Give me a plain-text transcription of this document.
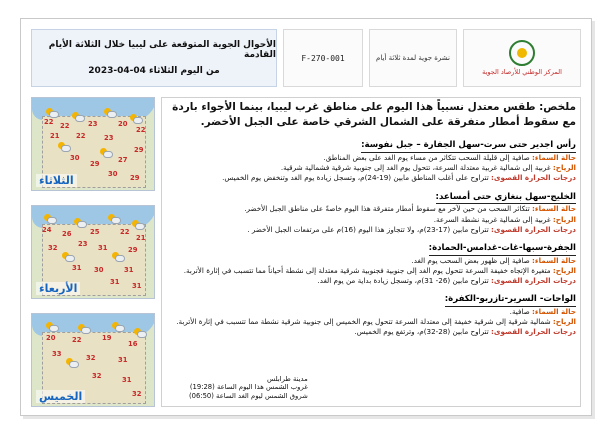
المركز الوطني للأرصاد الجوية
نشرة جوية لمدة ثلاثة أيام
F-270-001
الأحوال الجوية المتوقعة على ليبيا خلال الثلاثة الأيام القادمة
من اليوم الثلاثاء 04-04-2023
ملخص: طقس معتدل نسبياً هذا اليوم على مناطق غرب ليبيا، بينما الأجواء باردة مع سقوط أمطار متفرقة على الشمال الشرقي خاصة على الجبل الأخضر.
رأس اجدير حتى سرت-سهل الجفارة – جبل نفوسة:
حالة السماء: صافية إلى قليلة السحب تتكاثر من مساء يوم الغد على بعض المناطق.
الرياح: غربية إلى شمالية غربية معتدلة السرعة، تتحول يوم الغد إلى جنوبية شرقية فشمالية شرقية.
درجات الحرارة القصوى: تتراوح على أغلب المناطق مابين (19-24)م، وتسجل زيادة يوم الغد وتنخفض يوم الخميس.
الخليج-سهل بنغازي حتى أمساعد:
حالة السماء: تتكاثر السحب من حين لآخر مع سقوط أمطار متفرقة هذا اليوم خاصةً على مناطق الجبل الأخضر.
الرياح: غربية إلى شمالية غربية نشطة السرعة.
درجات الحرارة القصوى: تتراوح مابين (17-23)م، ولا تتجاوز هذا اليوم (16)م على مرتفعات الجبل الأخضر .
الجفرة-سبها-غات-غدامس-الحمادة:
حالة السماء: صافية إلى ظهور بعض السحب يوم الغد.
الرياح: متغيرة الإتجاه خفيفة السرعة تتحول يوم الغد إلى جنوبية فجنوبية شرقية معتدلة إلى نشطة أحياناً مما تتسبب في إثارة الأتربة.
درجات الحرارة القصوى: تتراوح مابين (26- 31)م، وتسجل زيادة بداية من يوم الغد.
الواحات- السرير-تازربو-الكفرة:
حالة السماء: صافية.
الرياح: شمالية شرقية إلى شرقية خفيفة إلى معتدلة السرعة تتحول يوم الخميس إلى جنوبية شرقية نشطة مما تتسبب في إثارة الأتربة.
درجات الحرارة القصوى: تتراوح مابين (28-32)م، وترتفع يوم الخميس.
مدينة طرابلس
غروب الشمس هذا اليوم الساعة (19:28)
شروق الشمس ليوم الغد الساعة (06:50)
22 22	23	20
22
21 22	23
30
29	27
29
30 29
الثلاثاء
24 26	25	22
21
23
32	31	29
31 30	31
31 31
الأربعاء
20 22	19
16
33	32	31
32	31
32
الخميس
